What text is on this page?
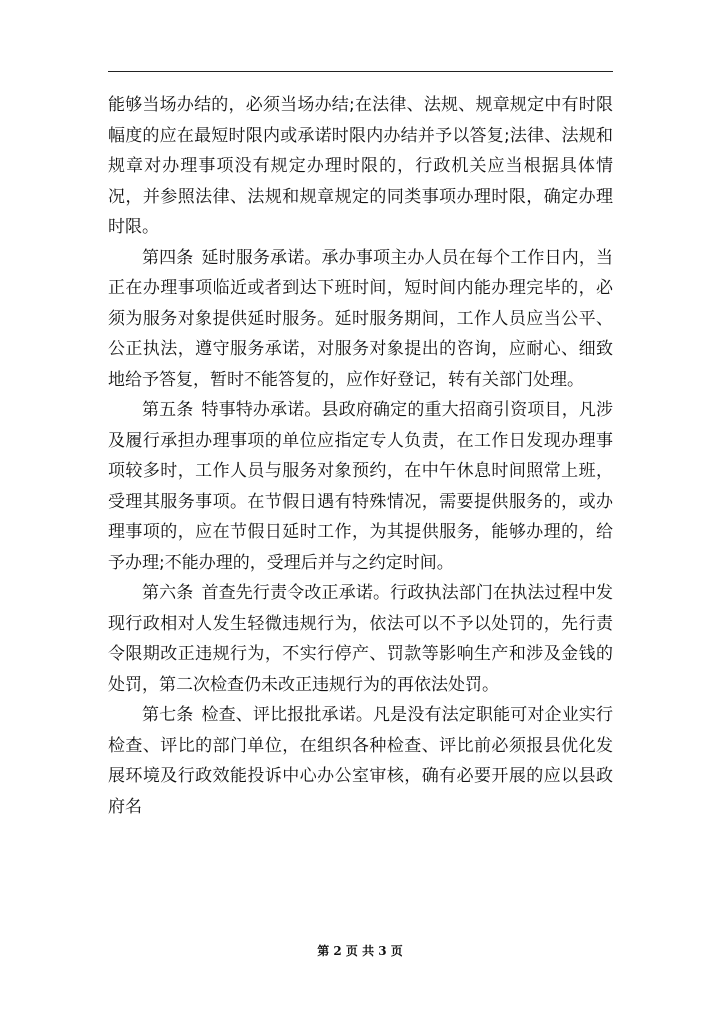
能够当场办结的，必须当场办结;在法律、法规、规章规定中有时限幅度的应在最短时限内或承诺时限内办结并予以答复;法律、法规和规章对办理事项没有规定办理时限的，行政机关应当根据具体情况，并参照法律、法规和规章规定的同类事项办理时限，确定办理时限。

第四条 延时服务承诺。承办事项主办人员在每个工作日内，当正在办理事项临近或者到达下班时间，短时间内能办理完毕的，必须为服务对象提供延时服务。延时服务期间，工作人员应当公平、公正执法，遵守服务承诺，对服务对象提出的咨询，应耐心、细致地给予答复，暂时不能答复的，应作好登记，转有关部门处理。

第五条 特事特办承诺。县政府确定的重大招商引资项目，凡涉及履行承担办理事项的单位应指定专人负责，在工作日发现办理事项较多时，工作人员与服务对象预约，在中午休息时间照常上班，受理其服务事项。在节假日遇有特殊情况，需要提供服务的，或办理事项的，应在节假日延时工作，为其提供服务，能够办理的，给予办理;不能办理的，受理后并与之约定时间。

第六条 首查先行责令改正承诺。行政执法部门在执法过程中发现行政相对人发生轻微违规行为，依法可以不予以处罚的，先行责令限期改正违规行为，不实行停产、罚款等影响生产和涉及金钱的处罚，第二次检查仍未改正违规行为的再依法处罚。

第七条 检查、评比报批承诺。凡是没有法定职能可对企业实行检查、评比的部门单位，在组织各种检查、评比前必须报县优化发展环境及行政效能投诉中心办公室审核，确有必要开展的应以县政府名

第 2 页 共 3 页
